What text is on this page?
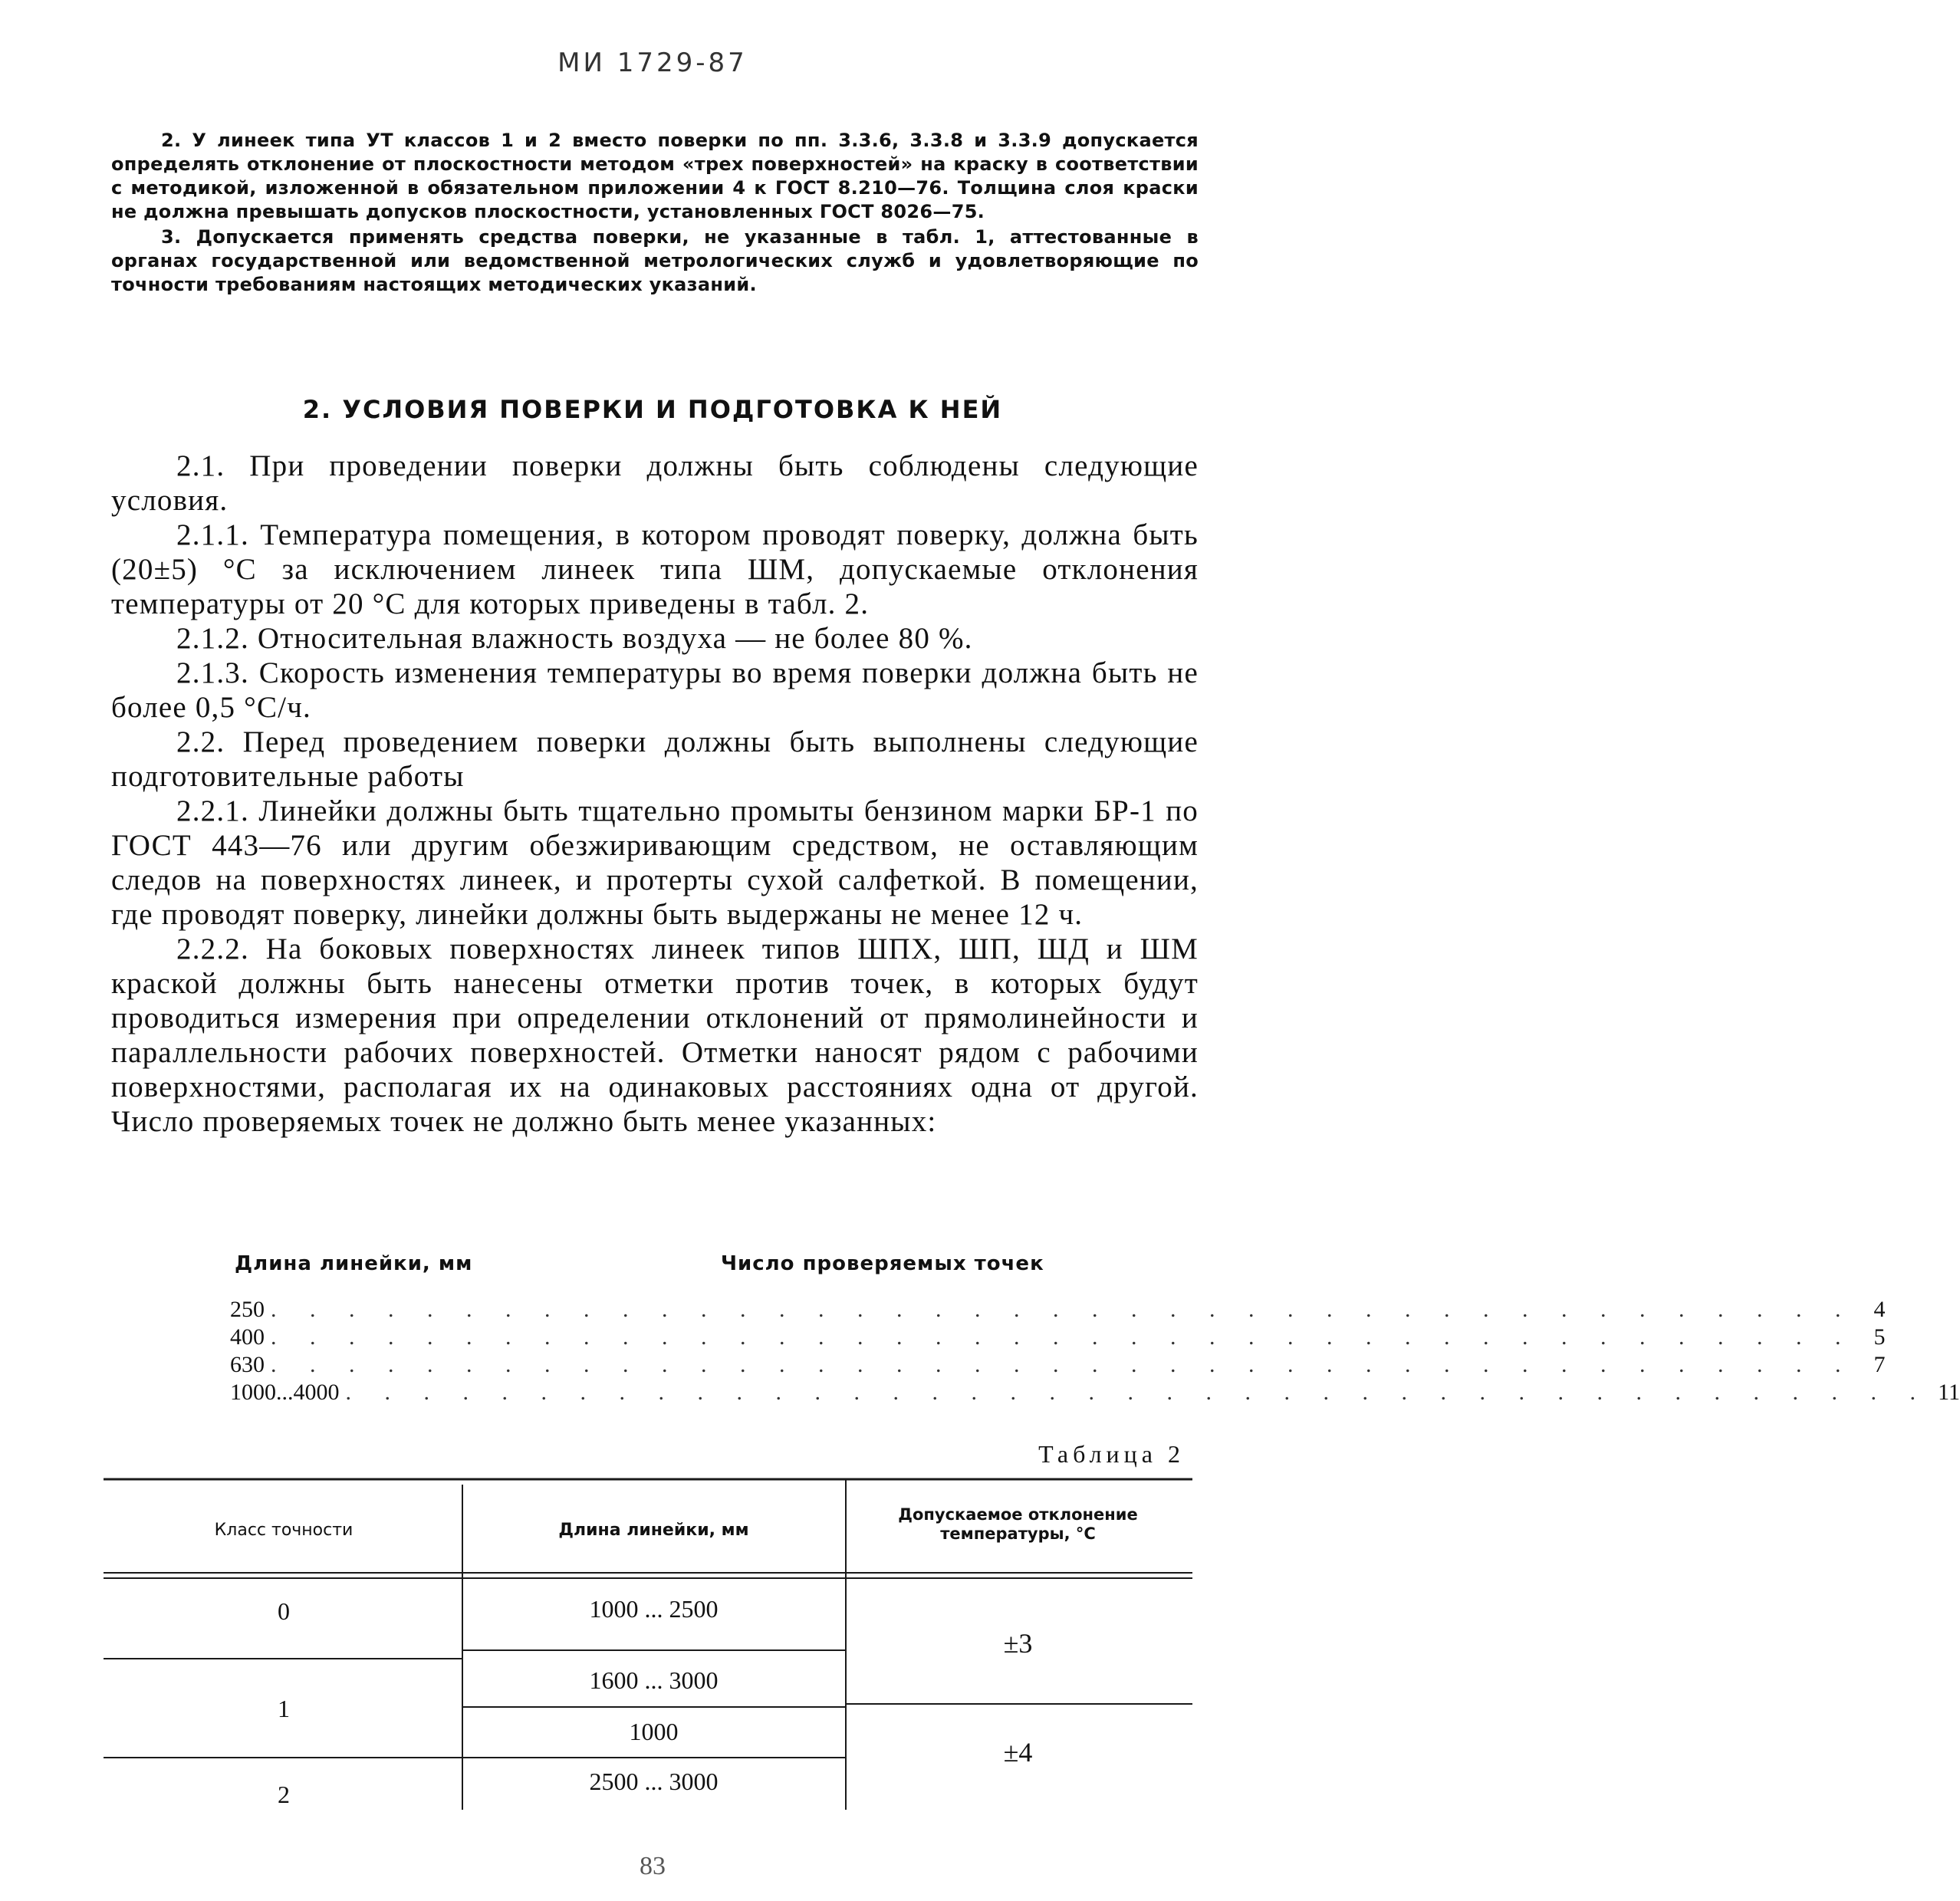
МИ 1729-87

2. У линеек типа УТ классов 1 и 2 вместо поверки по пп. 3.3.6, 3.3.8 и 3.3.9 допускается определять отклонение от плоскостности методом «трех поверхностей» на краску в соответствии с методикой, изложенной в обязательном приложении 4 к ГОСТ 8.210—76. Толщина слоя краски не должна превышать допусков плоскостности, установленных ГОСТ 8026—75.

3. Допускается применять средства поверки, не указанные в табл. 1, аттестованные в органах государственной или ведомственной метрологических служб и удовлетворяющие по точности требованиям настоящих методических указаний.

2. УСЛОВИЯ ПОВЕРКИ И ПОДГОТОВКА К НЕЙ

2.1. При проведении поверки должны быть соблюдены следующие условия.

2.1.1. Температура помещения, в котором проводят поверку, должна быть (20±5) °С за исключением линеек типа ШМ, допускаемые отклонения температуры от 20 °С для которых приведены в табл. 2.

2.1.2. Относительная влажность воздуха — не более 80 %.

2.1.3. Скорость изменения температуры во время поверки должна быть не более 0,5 °С/ч.

2.2. Перед проведением поверки должны быть выполнены следующие подготовительные работы

2.2.1. Линейки должны быть тщательно промыты бензином марки БР-1 по ГОСТ 443—76 или другим обезжиривающим средством, не оставляющим следов на поверхностях линеек, и протерты сухой салфеткой. В помещении, где проводят поверку, линейки должны быть выдержаны не менее 12 ч.

2.2.2. На боковых поверхностях линеек типов ШПХ, ШП, ШД и ШМ краской должны быть нанесены отметки против точек, в которых будут проводиться измерения при определении отклонений от прямолинейности и параллельности рабочих поверхностей. Отметки наносят рядом с рабочими поверхностями, располагая их на одинаковых расстояниях одна от другой. Число проверяемых точек не должно быть менее указанных:

Длина линейки, мм	Число проверяемых точек
250 . . . . . . . . . . . . . . . . . . . . . . . . . . . . . . . . . . . . . . . . . 4
400 . . . . . . . . . . . . . . . . . . . . . . . . . . . . . . . . . . . . . . . . . 5
630 . . . . . . . . . . . . . . . . . . . . . . . . . . . . . . . . . . . . . . . . . 7
1000...4000 . . . . . . . . . . . . . . . . . . . . . . . . . . . . . . . . . . . . . . . . . 11
Таблица 2
Класс точности	Длина линейки, мм
Допускаемое отклонение температуры, °С
0
1
2
1000 ... 2500
1600 ... 3000
1000
2500 ... 3000
±3
±4
83
